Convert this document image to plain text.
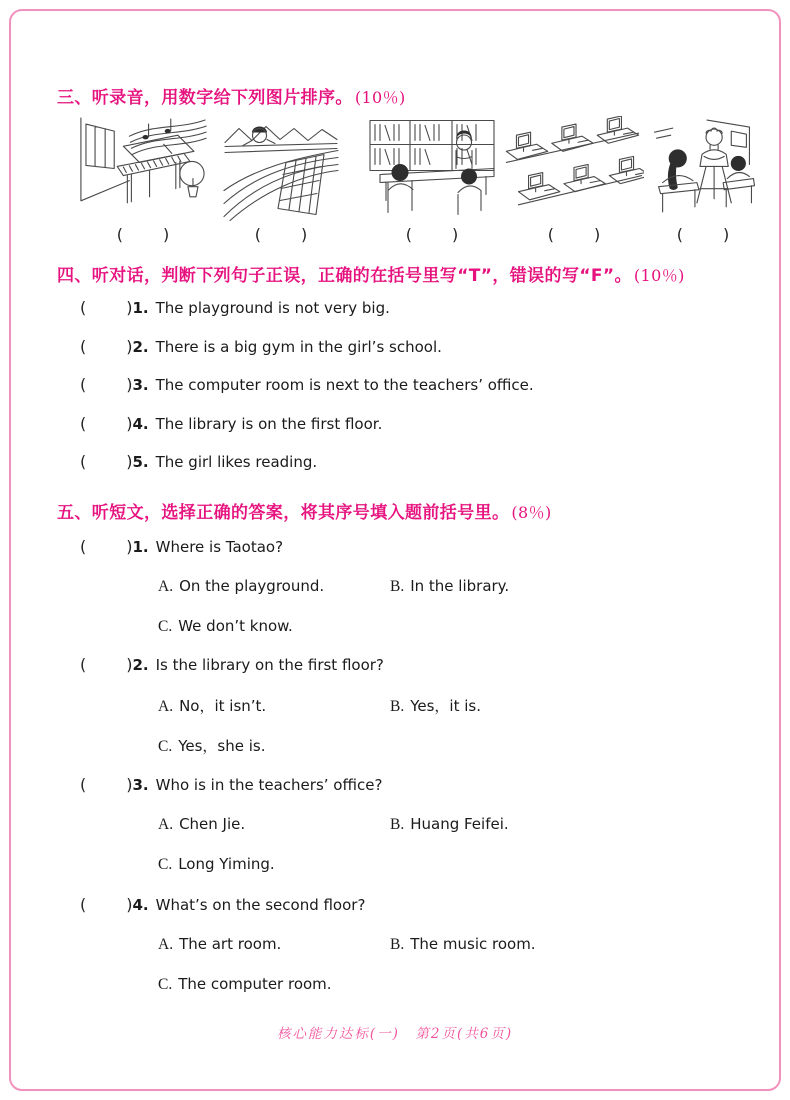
三、听录音，用数字给下列图片排序。 (10％)
(   )	(   )	(   )	(   )	(   )
四、听对话，判断下列句子正误，正确的在括号里写“T”，错误的写“F”。 (10％)
(   )1. The playground is not very big.
(   )2. There is a big gym in the girl’s school.
(   )3. The computer room is next to the teachers’ office.
(   )4. The library is on the first floor.
(   )5. The girl likes reading.
五、听短文，选择正确的答案，将其序号填入题前括号里。 (8％)
(   )1. Where is Taotao?
A. On the playground.	B. In the library.
C. We don’t know.
(   )2. Is the library on the first floor?
A. No，it isn’t.	B. Yes，it is.
C. Yes，she is.
(   )3. Who is in the teachers’ office?
A. Chen Jie.	B. Huang Feifei.
C. Long Yiming.
(   )4. What’s on the second floor?
A. The art room.	B. The music room.
C. The computer room.
核心能力达标(一)　第2页(共6页)
